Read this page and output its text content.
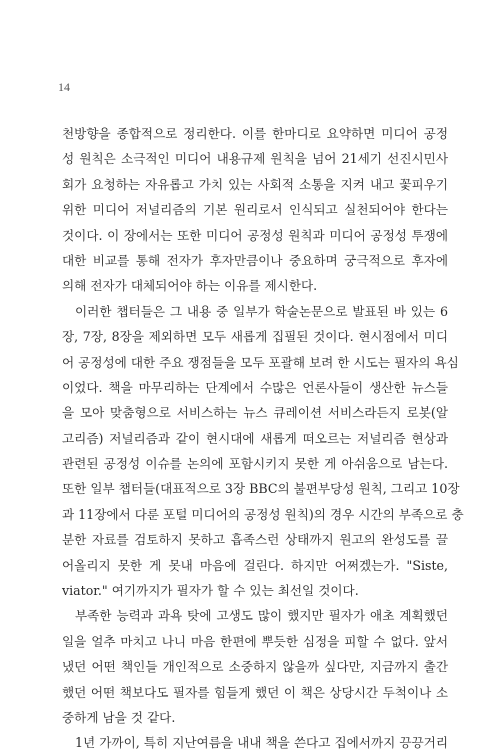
14
천방향을 종합적으로 정리한다. 이를 한마디로 요약하면 미디어 공정
성 원칙은 소극적인 미디어 내용규제 원칙을 넘어 21세기 선진시민사
회가 요청하는 자유롭고 가치 있는 사회적 소통을 지켜 내고 꽃피우기
위한 미디어 저널리즘의 기본 원리로서 인식되고 실천되어야 한다는
것이다. 이 장에서는 또한 미디어 공정성 원칙과 미디어 공정성 투쟁에
대한 비교를 통해 전자가 후자만큼이나 중요하며 궁극적으로 후자에
의해 전자가 대체되어야 하는 이유를 제시한다.
이러한 챕터들은 그 내용 중 일부가 학술논문으로 발표된 바 있는 6
장, 7장, 8장을 제외하면 모두 새롭게 집필된 것이다. 현시점에서 미디
어 공정성에 대한 주요 쟁점들을 모두 포괄해 보려 한 시도는 필자의 욕심
이었다. 책을 마무리하는 단계에서 수많은 언론사들이 생산한 뉴스들
을 모아 맞춤형으로 서비스하는 뉴스 큐레이션 서비스라든지 로봇(알
고리즘) 저널리즘과 같이 현시대에 새롭게 떠오르는 저널리즘 현상과
관련된 공정성 이슈를 논의에 포함시키지 못한 게 아쉬움으로 남는다.
또한 일부 챕터들(대표적으로 3장 BBC의 불편부당성 원칙, 그리고 10장
과 11장에서 다룬 포털 미디어의 공정성 원칙)의 경우 시간의 부족으로 충
분한 자료를 검토하지 못하고 흡족스런 상태까지 원고의 완성도를 끌
어올리지 못한 게 못내 마음에 걸린다. 하지만 어쩌겠는가. "Siste,
viator." 여기까지가 필자가 할 수 있는 최선일 것이다.
부족한 능력과 과욕 탓에 고생도 많이 했지만 필자가 애초 계획했던
일을 얼추 마치고 나니 마음 한편에 뿌듯한 심정을 피할 수 없다. 앞서
냈던 어떤 책인들 개인적으로 소중하지 않을까 싶다만, 지금까지 출간
했던 어떤 책보다도 필자를 힘들게 했던 이 책은 상당시간 두척이나 소
중하게 남을 것 같다.
1년 가까이, 특히 지난여름을 내내 책을 쓴다고 집에서까지 끙끙거리
